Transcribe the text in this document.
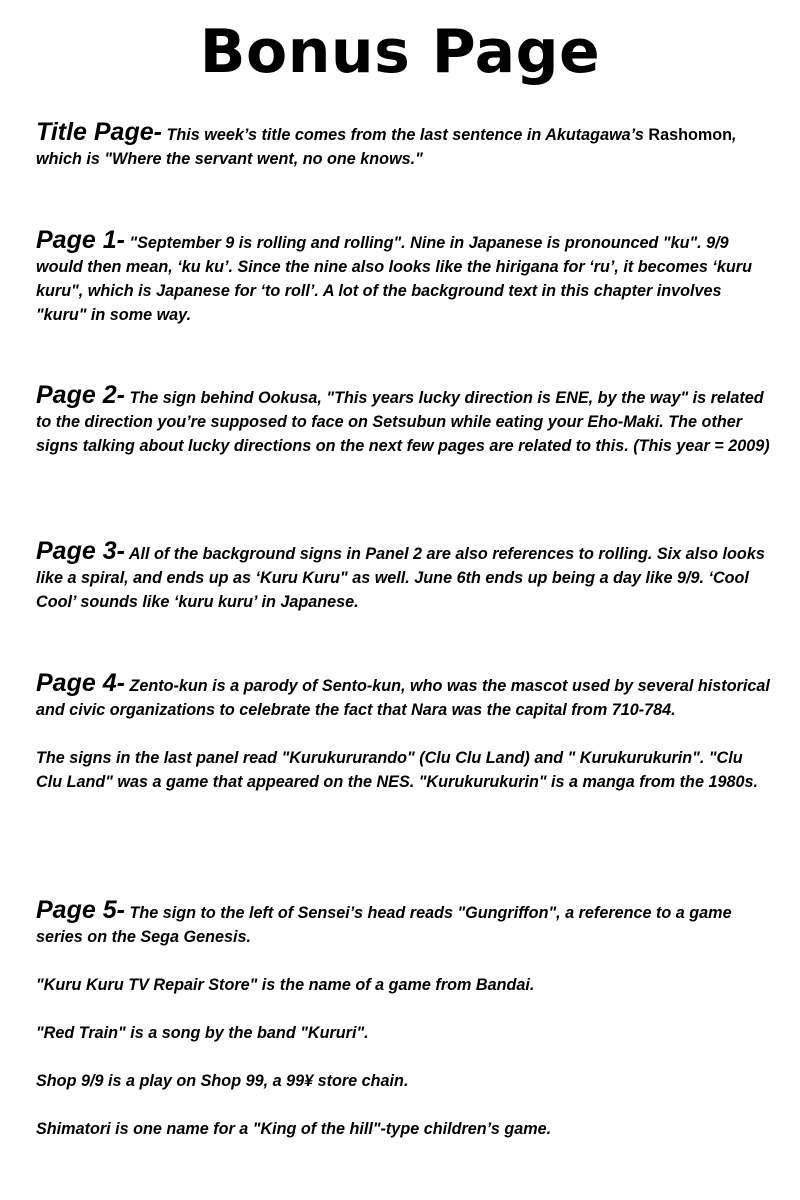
Bonus Page

Title Page- This week’s title comes from the last sentence in Akutagawa’s Rashomon, which is "Where the servant went, no one knows."

Page 1- "September 9 is rolling and rolling". Nine in Japanese is pronounced "ku". 9/9 would then mean, ‘ku ku’. Since the nine also looks like the hirigana for ‘ru’, it becomes ‘kuru kuru", which is Japanese for ‘to roll’. A lot of the background text in this chapter involves "kuru" in some way.

Page 2- The sign behind Ookusa, "This years lucky direction is ENE, by the way" is related to the direction you’re supposed to face on Setsubun while eating your Eho-Maki. The other signs talking about lucky directions on the next few pages are related to this. (This year = 2009)

Page 3- All of the background signs in Panel 2 are also references to rolling. Six also looks like a spiral, and ends up as ‘Kuru Kuru" as well. June 6th ends up being a day like 9/9. ‘Cool Cool’ sounds like ‘kuru kuru’ in Japanese.

Page 4- Zento-kun is a parody of Sento-kun, who was the mascot used by several historical and civic organizations to celebrate the fact that Nara was the capital from 710-784.

The signs in the last panel read "Kurukururando" (Clu Clu Land) and " Kurukurukurin". "Clu Clu Land" was a game that appeared on the NES. "Kurukurukurin" is a manga from the 1980s.

Page 5- The sign to the left of Sensei’s head reads "Gungriffon", a reference to a game series on the Sega Genesis.

"Kuru Kuru TV Repair Store" is the name of a game from Bandai.

"Red Train" is a song by the band "Kururi".

Shop 9/9 is a play on Shop 99, a 99¥ store chain.

Shimatori is one name for a "King of the hill"-type children’s game.
